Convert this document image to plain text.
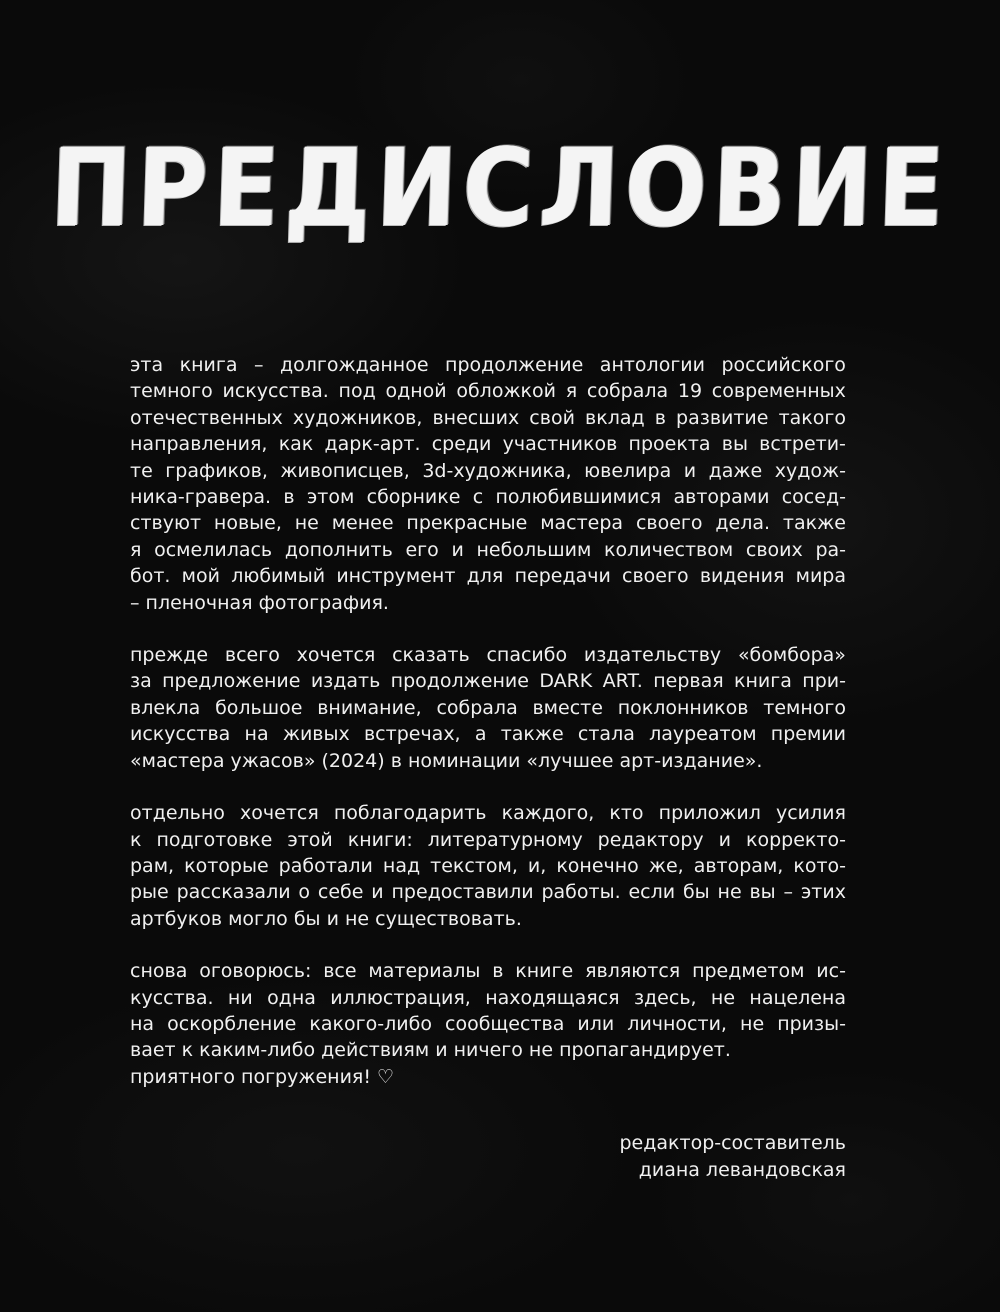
ПРЕДИСЛОВИЕ
эта книга – долгожданное продолжение антологии российского
темного искусства. под одной обложкой я собрала 19 современных
отечественных художников, внесших свой вклад в развитие такого
направления, как дарк-арт. среди участников проекта вы встрети-
те графиков, живописцев, 3d-художника, ювелира и даже худож-
ника-гравера. в этом сборнике с полюбившимися авторами сосед-
ствуют новые, не менее прекрасные мастера своего дела. также
я осмелилась дополнить его и небольшим количеством своих ра-
бот. мой любимый инструмент для передачи своего видения мира
– пленочная фотография.
прежде всего хочется сказать спасибо издательству «бомбора»
за предложение издать продолжение DARK ART. первая книга при-
влекла большое внимание, собрала вместе поклонников темного
искусства на живых встречах, а также стала лауреатом премии
«мастера ужасов» (2024) в номинации «лучшее арт-издание».
отдельно хочется поблагодарить каждого, кто приложил усилия
к подготовке этой книги: литературному редактору и корректо-
рам, которые работали над текстом, и, конечно же, авторам, кото-
рые рассказали о себе и предоставили работы. если бы не вы – этих
артбуков могло бы и не существовать.
снова оговорюсь: все материалы в книге являются предметом ис-
кусства. ни одна иллюстрация, находящаяся здесь, не нацелена
на оскорбление какого-либо сообщества или личности, не призы-
вает к каким-либо действиям и ничего не пропагандирует.
приятного погружения! ♡
редактор-составитель
диана левандовская
